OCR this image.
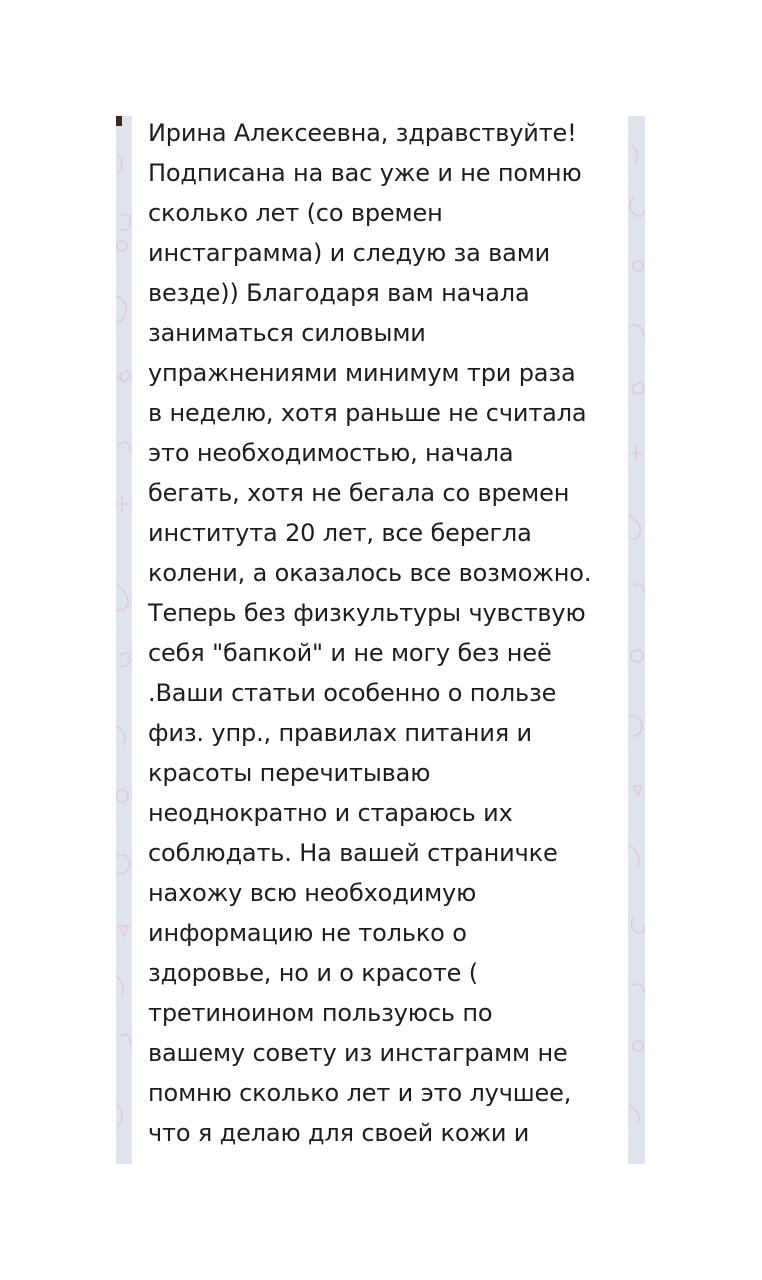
Ирина Алексеевна, здравствуйте!
Подписана на вас уже и не помню
сколько лет (со времен
инстаграмма) и следую за вами
везде)) Благодаря вам начала
заниматься силовыми
упражнениями минимум три раза
в неделю, хотя раньше не считала
это необходимостью, начала
бегать, хотя не бегала со времен
института 20 лет, все берегла
колени, а оказалось все возможно.
Теперь без физкультуры чувствую
себя "бапкой" и не могу без неё
.Ваши статьи особенно о пользе
физ. упр., правилах питания и
красоты перечитываю
неоднократно и стараюсь их
соблюдать. На вашей страничке
нахожу всю необходимую
информацию не только о
здоровье, но и о красоте (
третиноином пользуюсь по
вашему совету из инстаграмм не
помню сколько лет и это лучшее,
что я делаю для своей кожи и
